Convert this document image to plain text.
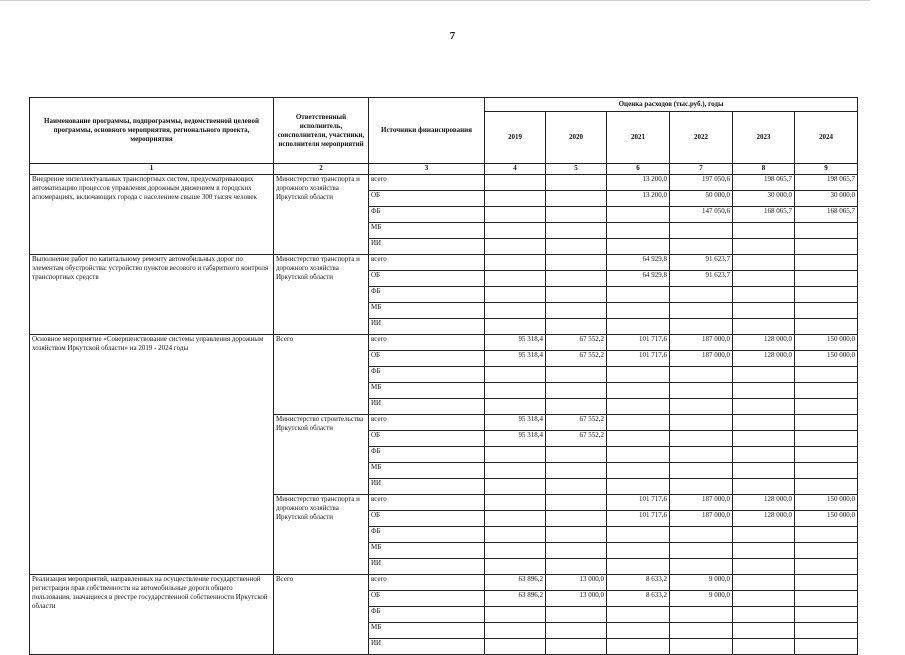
7
Наименование программы, подпрограммы, ведомственной целевой программы, основного мероприятия, регионального проекта, мероприятия	Ответственный исполнитель, соисполнители, участники, исполнители мероприятий	Источники финансирования	Оценка расходов (тыс.руб.), годы					
			2019	2020	2021	2022	2023	2024
1	2	3	4	5	6	7	8	9
Внедрение интеллектуальных транспортных систем, предусматривающих автоматизацию процессов управления дорожным движением в городских агломерациях, включающих города с населением свыше 300 тысяч человек	Министерство транспорта и дорожного хозяйства Иркутской области	всего			13 200,0	197 050,6	198 065,7	198 065,7
		ОБ			13 200,0	50 000,0	30 000,0	30 000,0
		ФБ				147 050,6	168 065,7	168 065,7
		МБ						
		ИИ						
Выполнение работ по капитальному ремонту автомобильных дорог по элементам обустройства: устройство пунктов весового и габаритного контроля транспортных средств	Министерство транспорта и дорожного хозяйства Иркутской области	всего			64 929,8	91 623,7		
		ОБ			64 929,8	91 623,7		
		ФБ						
		МБ						
		ИИ						
Основное мероприятие «Совершенствование системы управления дорожным хозяйством Иркутской области» на 2019 - 2024 годы	Всего	всего	95 318,4	67 552,2	101 717,6	187 000,0	128 000,0	150 000,0
		ОБ	95 318,4	67 552,2	101 717,6	187 000,0	128 000,0	150 000,0
		ФБ						
		МБ						
		ИИ						
	Министерство строительства Иркутской области	всего	95 318,4	67 552,2				
		ОБ	95 318,4	67 552,2				
		ФБ						
		МБ						
		ИИ						
	Министерство транспорта и дорожного хозяйства Иркутской области	всего			101 717,6	187 000,0	128 000,0	150 000,0
		ОБ			101 717,6	187 000,0	128 000,0	150 000,0
		ФБ						
		МБ						
		ИИ						
Реализация мероприятий, направленных на осуществление государственной регистрации прав собственности на автомобильные дороги общего пользования, значащиеся в реестре государственной собственности Иркутской области	Всего	всего	63 896,2	13 000,0	8 633,2	9 000,0		
		ОБ	63 896,2	13 000,0	8 633,2	9 000,0		
		ФБ						
		МБ						
		ИИ						
